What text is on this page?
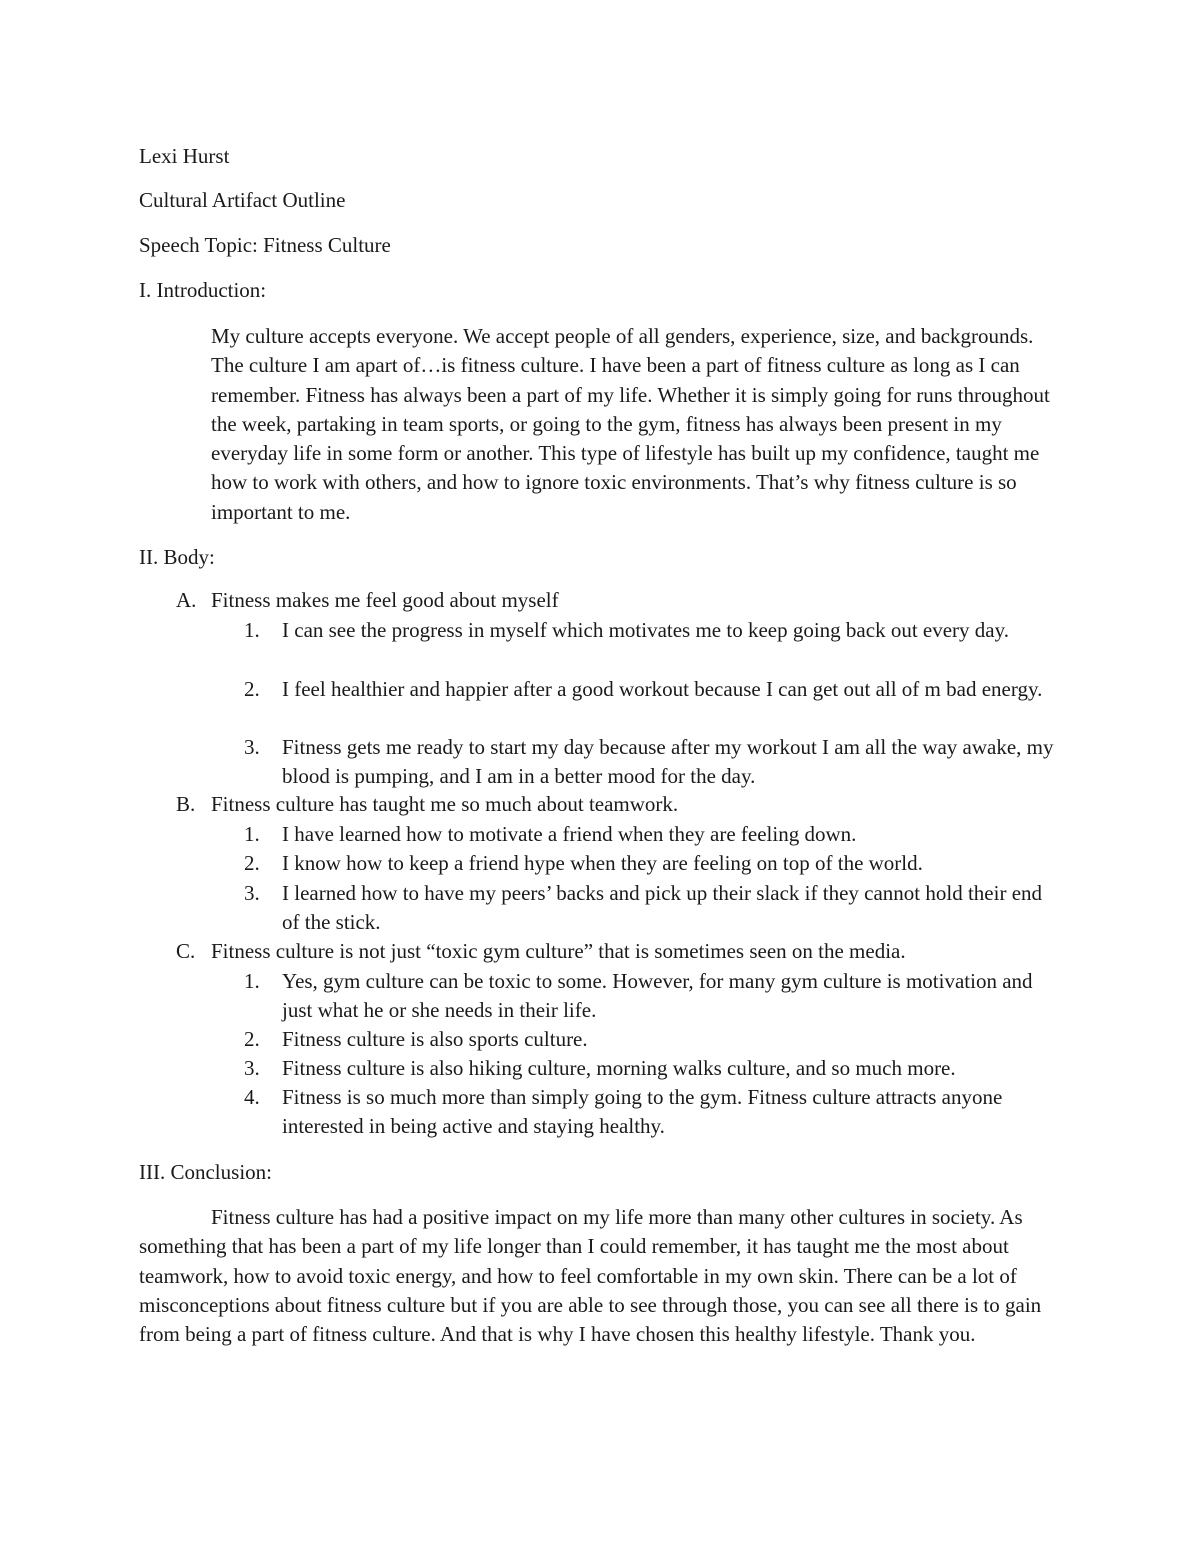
Lexi Hurst
Cultural Artifact Outline
Speech Topic: Fitness Culture
I. Introduction:

My culture accepts everyone. We accept people of all genders, experience, size, and backgrounds. The culture I am apart of…is fitness culture. I have been a part of fitness culture as long as I can remember. Fitness has always been a part of my life. Whether it is simply going for runs throughout the week, partaking in team sports, or going to the gym, fitness has always been present in my everyday life in some form or another. This type of lifestyle has built up my confidence, taught me how to work with others, and how to ignore toxic environments. That’s why fitness culture is so important to me.

II. Body:
A. Fitness makes me feel good about myself
1.	I can see the progress in myself which motivates me to keep going back out every day.
2.	I feel healthier and happier after a good workout because I can get out all of m bad energy.
3.	Fitness gets me ready to start my day because after my workout I am all the way awake, my blood is pumping, and I am in a better mood for the day.
B. Fitness culture has taught me so much about teamwork.
1.	I have learned how to motivate a friend when they are feeling down.
2.	I know how to keep a friend hype when they are feeling on top of the world.
3.	I learned how to have my peers’ backs and pick up their slack if they cannot hold their end of the stick.
C. Fitness culture is not just “toxic gym culture” that is sometimes seen on the media.
1.	Yes, gym culture can be toxic to some. However, for many gym culture is motivation and just what he or she needs in their life.
2.	Fitness culture is also sports culture.
3.	Fitness culture is also hiking culture, morning walks culture, and so much more.
4.	Fitness is so much more than simply going to the gym. Fitness culture attracts anyone interested in being active and staying healthy.
III. Conclusion:

Fitness culture has had a positive impact on my life more than many other cultures in society. As something that has been a part of my life longer than I could remember, it has taught me the most about teamwork, how to avoid toxic energy, and how to feel comfortable in my own skin. There can be a lot of misconceptions about fitness culture but if you are able to see through those, you can see all there is to gain from being a part of fitness culture. And that is why I have chosen this healthy lifestyle. Thank you.
